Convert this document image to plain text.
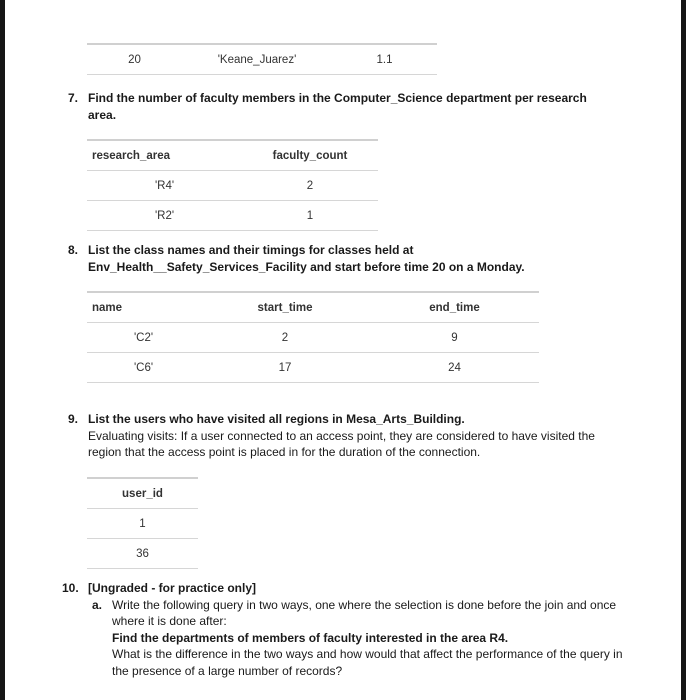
20	'Keane_Juarez'	1.1
7. Find the number of faculty members in the Computer_Science department per research area.
research_area	faculty_count
'R4'	2
'R2'	1
8. List the class names and their timings for classes held at
Env_Health__Safety_Services_Facility and start before time 20 on a Monday.
name	start_time	end_time
'C2'	2	9
'C6'	17	24
9. List the users who have visited all regions in Mesa_Arts_Building.
Evaluating visits: If a user connected to an access point, they are considered to have visited the region that the access point is placed in for the duration of the connection.
user_id
1
36
10. [Ungraded - for practice only]
a. Write the following query in two ways, one where the selection is done before the join and once where it is done after:
Find the departments of members of faculty interested in the area R4.
What is the difference in the two ways and how would that affect the performance of the query in the presence of a large number of records?
